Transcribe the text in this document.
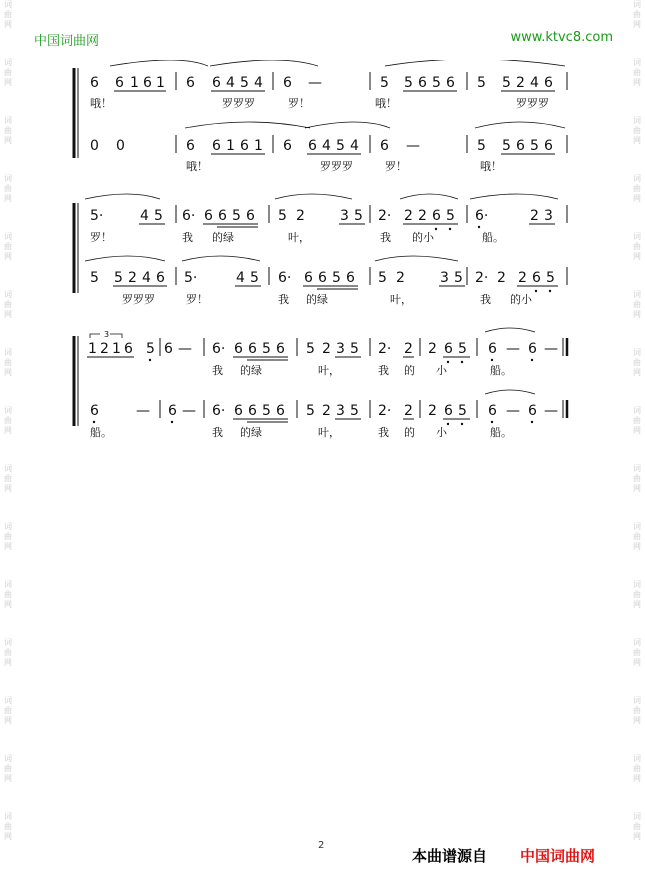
中国词曲网	www.ktvc8.com
词
曲
网
词
曲
网
词
曲
网
词
曲
网
词
曲
网
词
曲
网
词
曲
网
词
曲
网
词
曲
网
词
曲
网
词
曲
网
词
曲
网
词
曲
网
词
曲
网
词
曲
网
词
曲
网
词
曲
网
词
曲
网
词
曲
网
词
曲
网
词
曲
网
词
曲
网
词
曲
网
词
曲
网
词
曲
网
词
曲
网
词
曲
网
词
曲
网
词
曲
网
词
曲
网
6 6 1 6 1 6 6 4 5 4 6 —	5 5 6 5 6 5 5 2 4 6
哦！	罗罗罗	罗！	哦！	罗罗罗
0 0	6 6 1 6 1 6 6 4 5 4 6 —	5 5 6 5 6
哦！	罗罗罗	罗！	哦！
5·	4 5 6· 6 6 5 6 5 2	3 5 2· 2 2 6 5 6·	2 3
罗！	我 的绿	叶，	我 的小	船。
5 5 2 4 6 5·	4 5 6· 6 6 5 6 5 2	3 5 2· 2 2 6 5
罗罗罗	罗！	我 的绿	叶，	我 的小
3
1 2 1 6 5 6 — 6· 6 6 5 6 5 2 3 5 2· 2 2 6 5 6 — 6 —
我 的绿	叶，	我 的 小	船。
6	— 6 — 6· 6 6 5 6 5 2 3 5 2· 2 2 6 5 6 — 6 —
船。	我 的绿	叶，	我 的 小	船。
2
本曲谱源自 中国词曲网
